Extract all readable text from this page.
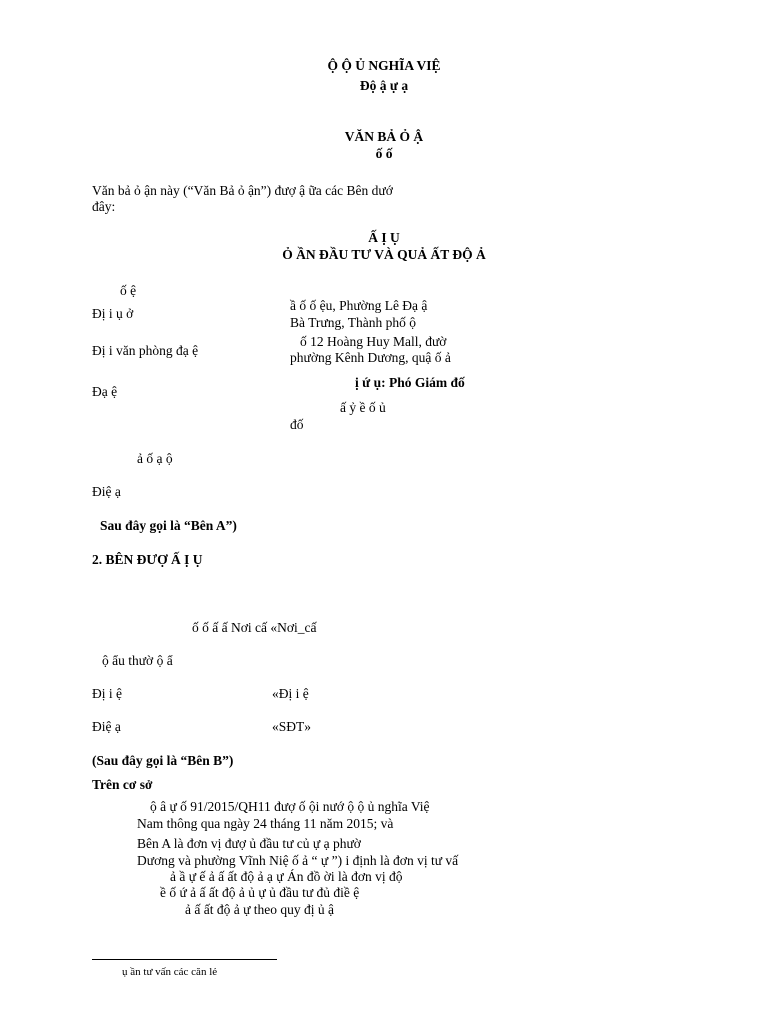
Ộ Ộ Ủ NGHĨA VIỆ
Độ ậ ự ạ
VĂN BẢ Ỏ Ậ
ố ố
Văn bả ỏ ận này (“Văn Bả ỏ ận”) đượ ậ ữa các Bên dướ
đây:
Ấ Ị Ụ
Ỏ ẦN ĐẦU TƯ VÀ QUẢ ẤT ĐỘ Ả
ố ệ
Đị i ụ ở
ầ ố ố ệu, Phường Lê Đạ ậ
Bà Trưng, Thành phố ộ
Đị i văn phòng đạ ệ
ố 12 Hoàng Huy Mall, đườ
phường Kênh Dương, quậ ố ả
Đạ ệ
ị ứ ụ: Phó Giám đố
ấ ỷ ề ố ủ
đố
ả ố ạ ộ
Điệ ạ
Sau đây gọi là “Bên A”)
2. BÊN ĐƯỢ Ấ Ị Ụ
ố ố ấ ấ Nơi cấ «Nơi_cấ
ộ ẩu thườ ộ ẩ
Đị i ệ	«Đị i ệ
Điệ ạ	«SĐT»
(Sau đây gọi là “Bên B”)
Trên cơ sở
ộ â ự ố 91/2015/QH11 đượ ố ội nướ ộ ộ ủ nghĩa Việ
Nam thông qua ngày 24 tháng 11 năm 2015; và
Bên A là đơn vị đượ ủ đầu tư củ ự ạ phườ
Dương và phường Vĩnh Niệ ố ả “ ự ”) i định là đơn vị tư vấ
ả ầ ự ế ả ấ ất độ ả ạ ự Án đồ ời là đơn vị độ
ề ố ứ ả ấ ất độ ả ủ ự ủ đầu tư đủ điề ệ
ả ấ ất độ ả ự theo quy đị ủ ậ
ụ ần tư vấn các căn lẻ
